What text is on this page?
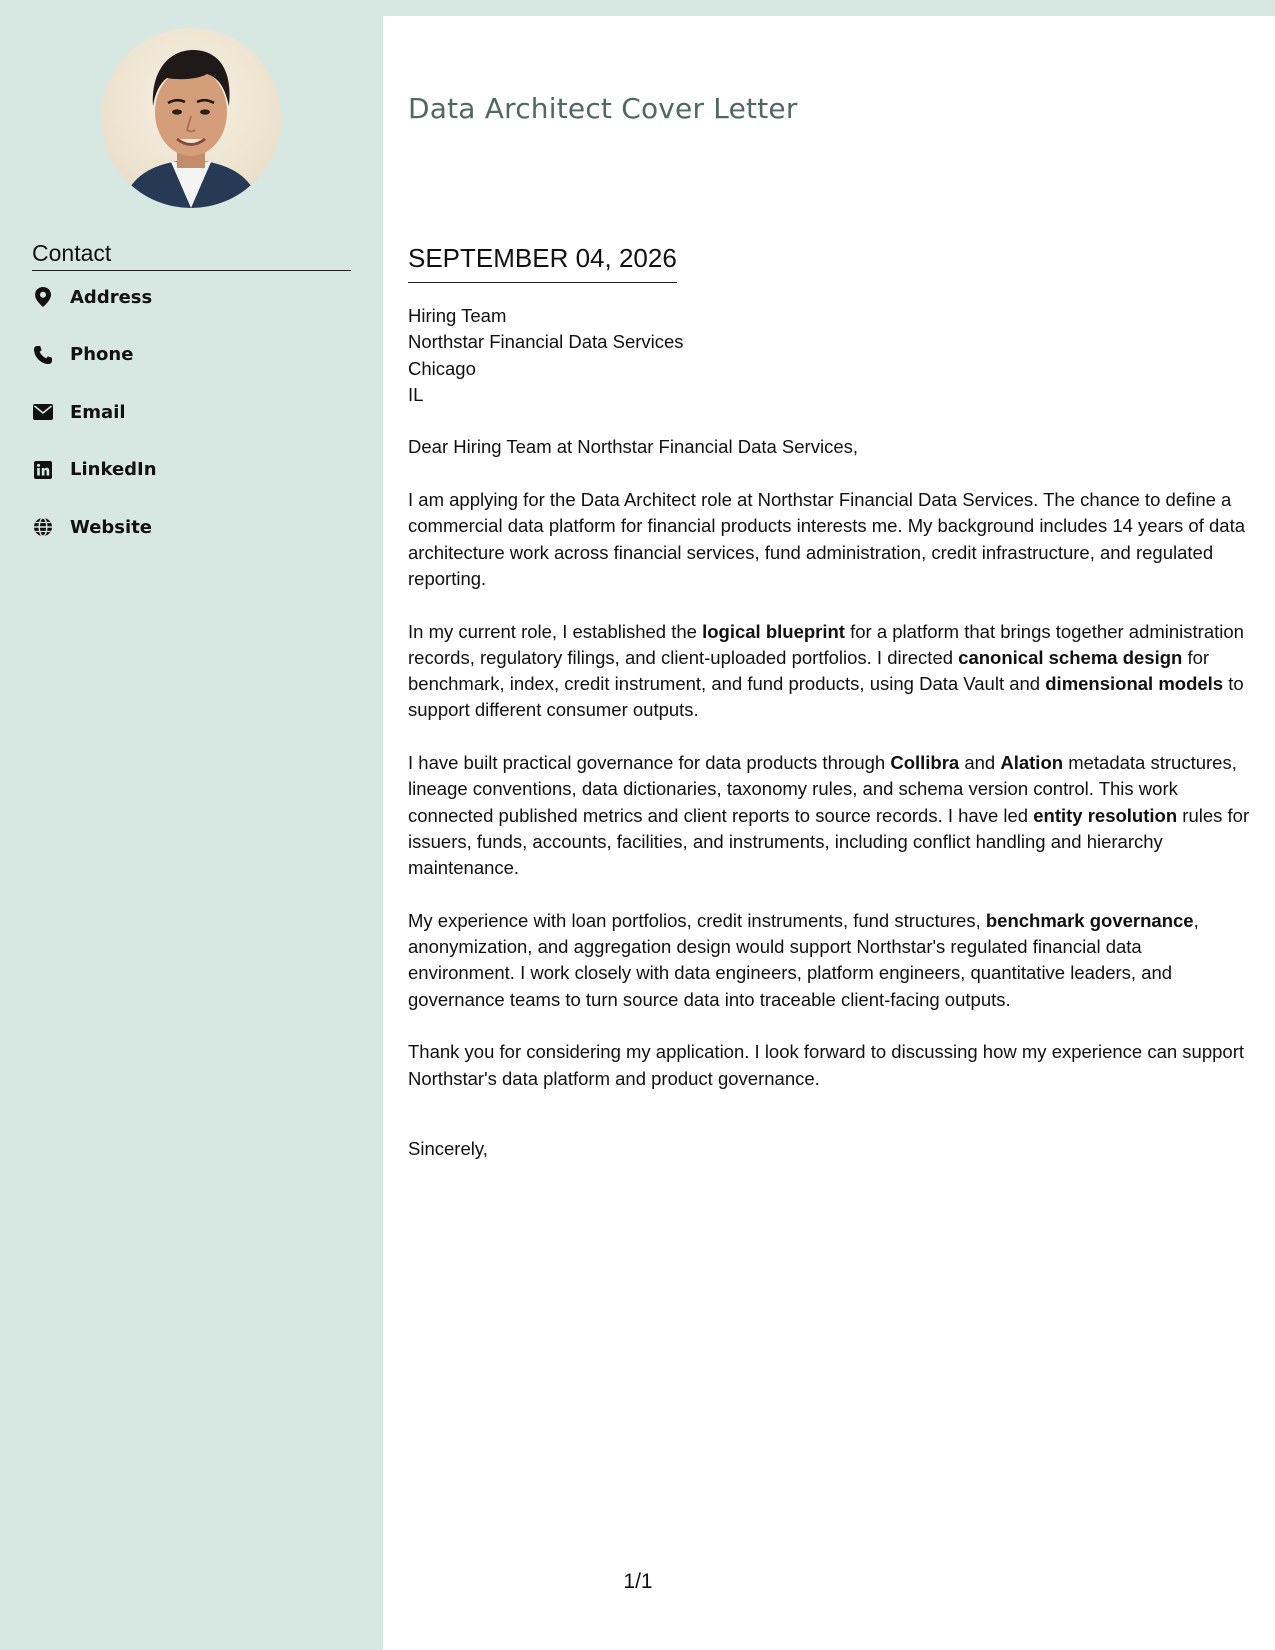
Contact
Address
Phone
Email
LinkedIn
Website
Data Architect Cover Letter
SEPTEMBER 04, 2026
Hiring Team
Northstar Financial Data Services
Chicago
IL

Dear Hiring Team at Northstar Financial Data Services,

I am applying for the Data Architect role at Northstar Financial Data Services. The chance to define a commercial data platform for financial products interests me. My background includes 14 years of data architecture work across financial services, fund administration, credit infrastructure, and regulated reporting.

In my current role, I established the logical blueprint for a platform that brings together administration records, regulatory filings, and client-uploaded portfolios. I directed canonical schema design for benchmark, index, credit instrument, and fund products, using Data Vault and dimensional models to support different consumer outputs.

I have built practical governance for data products through Collibra and Alation metadata structures, lineage conventions, data dictionaries, taxonomy rules, and schema version control. This work connected published metrics and client reports to source records. I have led entity resolution rules for issuers, funds, accounts, facilities, and instruments, including conflict handling and hierarchy maintenance.

My experience with loan portfolios, credit instruments, fund structures, benchmark governance, anonymization, and aggregation design would support Northstar's regulated financial data environment. I work closely with data engineers, platform engineers, quantitative leaders, and governance teams to turn source data into traceable client-facing outputs.

Thank you for considering my application. I look forward to discussing how my experience can support Northstar's data platform and product governance.

Sincerely,

1/1
